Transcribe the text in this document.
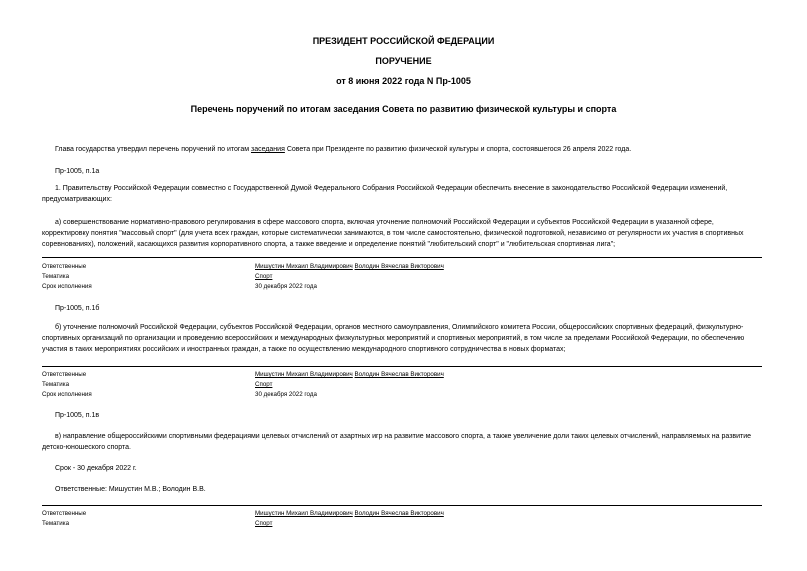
ПРЕЗИДЕНТ РОССИЙСКОЙ ФЕДЕРАЦИИ
ПОРУЧЕНИЕ
от 8 июня 2022 года N Пр-1005
Перечень поручений по итогам заседания Совета по развитию физической культуры и спорта
Глава государства утвердил перечень поручений по итогам заседания Совета при Президенте по развитию физической культуры и спорта, состоявшегося 26 апреля 2022 года.
Пр-1005, п.1а
1. Правительству Российской Федерации совместно с Государственной Думой Федерального Собрания Российской Федерации обеспечить внесение в законодательство Российской Федерации изменений,
предусматривающих:
а) совершенствование нормативно-правового регулирования в сфере массового спорта, включая уточнение полномочий Российской Федерации и субъектов Российской Федерации в указанной сфере,
корректировку понятия "массовый спорт" (для учета всех граждан, которые систематически занимаются, в том числе самостоятельно, физической подготовкой, независимо от регулярности их участия в спортивных
соревнованиях), положений, касающихся развития корпоративного спорта, а также введение и определение понятий "любительский спорт" и "любительская спортивная лига";
Ответственные	Мишустин Михаил Владимирович Володин Вячеслав Викторович
Тематика	Спорт
Срок исполнения	30 декабря 2022 года
Пр-1005, п.1б
б) уточнение полномочий Российской Федерации, субъектов Российской Федерации, органов местного самоуправления, Олимпийского комитета России, общероссийских спортивных федераций, физкультурно-
спортивных организаций по организации и проведению всероссийских и международных физкультурных мероприятий и спортивных мероприятий, в том числе за пределами Российской Федерации, по обеспечению
участия в таких мероприятиях российских и иностранных граждан, а также по осуществлению международного спортивного сотрудничества в новых форматах;
Ответственные	Мишустин Михаил Владимирович Володин Вячеслав Викторович
Тематика	Спорт
Срок исполнения	30 декабря 2022 года
Пр-1005, п.1в
в) направление общероссийскими спортивными федерациями целевых отчислений от азартных игр на развитие массового спорта, а также увеличение доли таких целевых отчислений, направляемых на развитие
детско-юношеского спорта.
Срок - 30 декабря 2022 г.
Ответственные: Мишустин М.В.; Володин В.В.
Ответственные	Мишустин Михаил Владимирович Володин Вячеслав Викторович
Тематика	Спорт
